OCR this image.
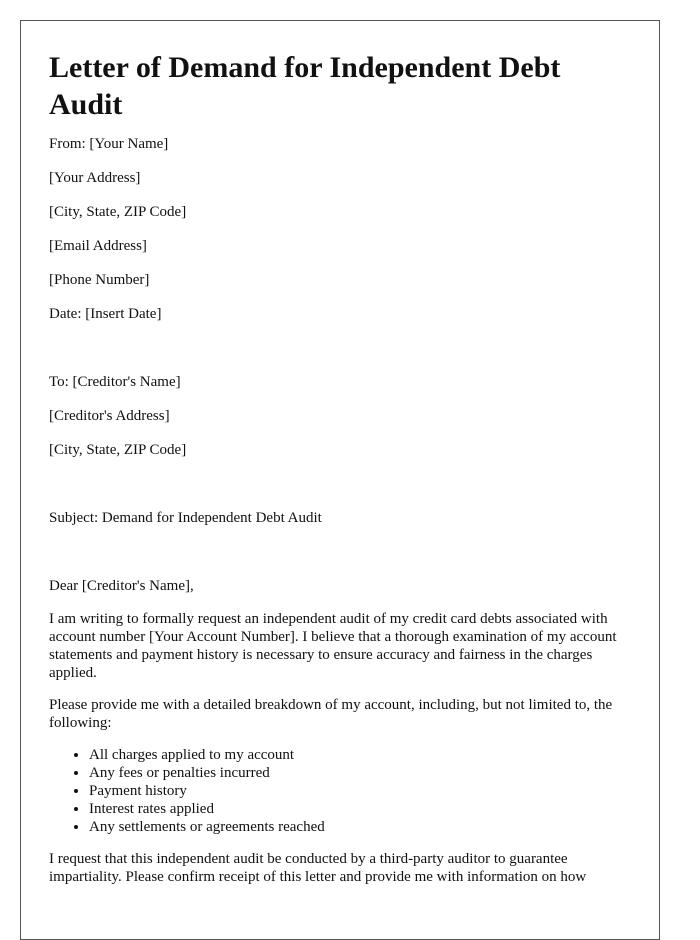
Letter of Demand for Independent Debt Audit

From: [Your Name]

[Your Address]

[City, State, ZIP Code]

[Email Address]

[Phone Number]

Date: [Insert Date]

To: [Creditor's Name]

[Creditor's Address]

[City, State, ZIP Code]

Subject: Demand for Independent Debt Audit

Dear [Creditor's Name],

I am writing to formally request an independent audit of my credit card debts associated with account number [Your Account Number]. I believe that a thorough examination of my account statements and payment history is necessary to ensure accuracy and fairness in the charges applied.

Please provide me with a detailed breakdown of my account, including, but not limited to, the following:

• All charges applied to my account
• Any fees or penalties incurred
• Payment history
• Interest rates applied
• Any settlements or agreements reached

I request that this independent audit be conducted by a third-party auditor to guarantee impartiality. Please confirm receipt of this letter and provide me with information on how
